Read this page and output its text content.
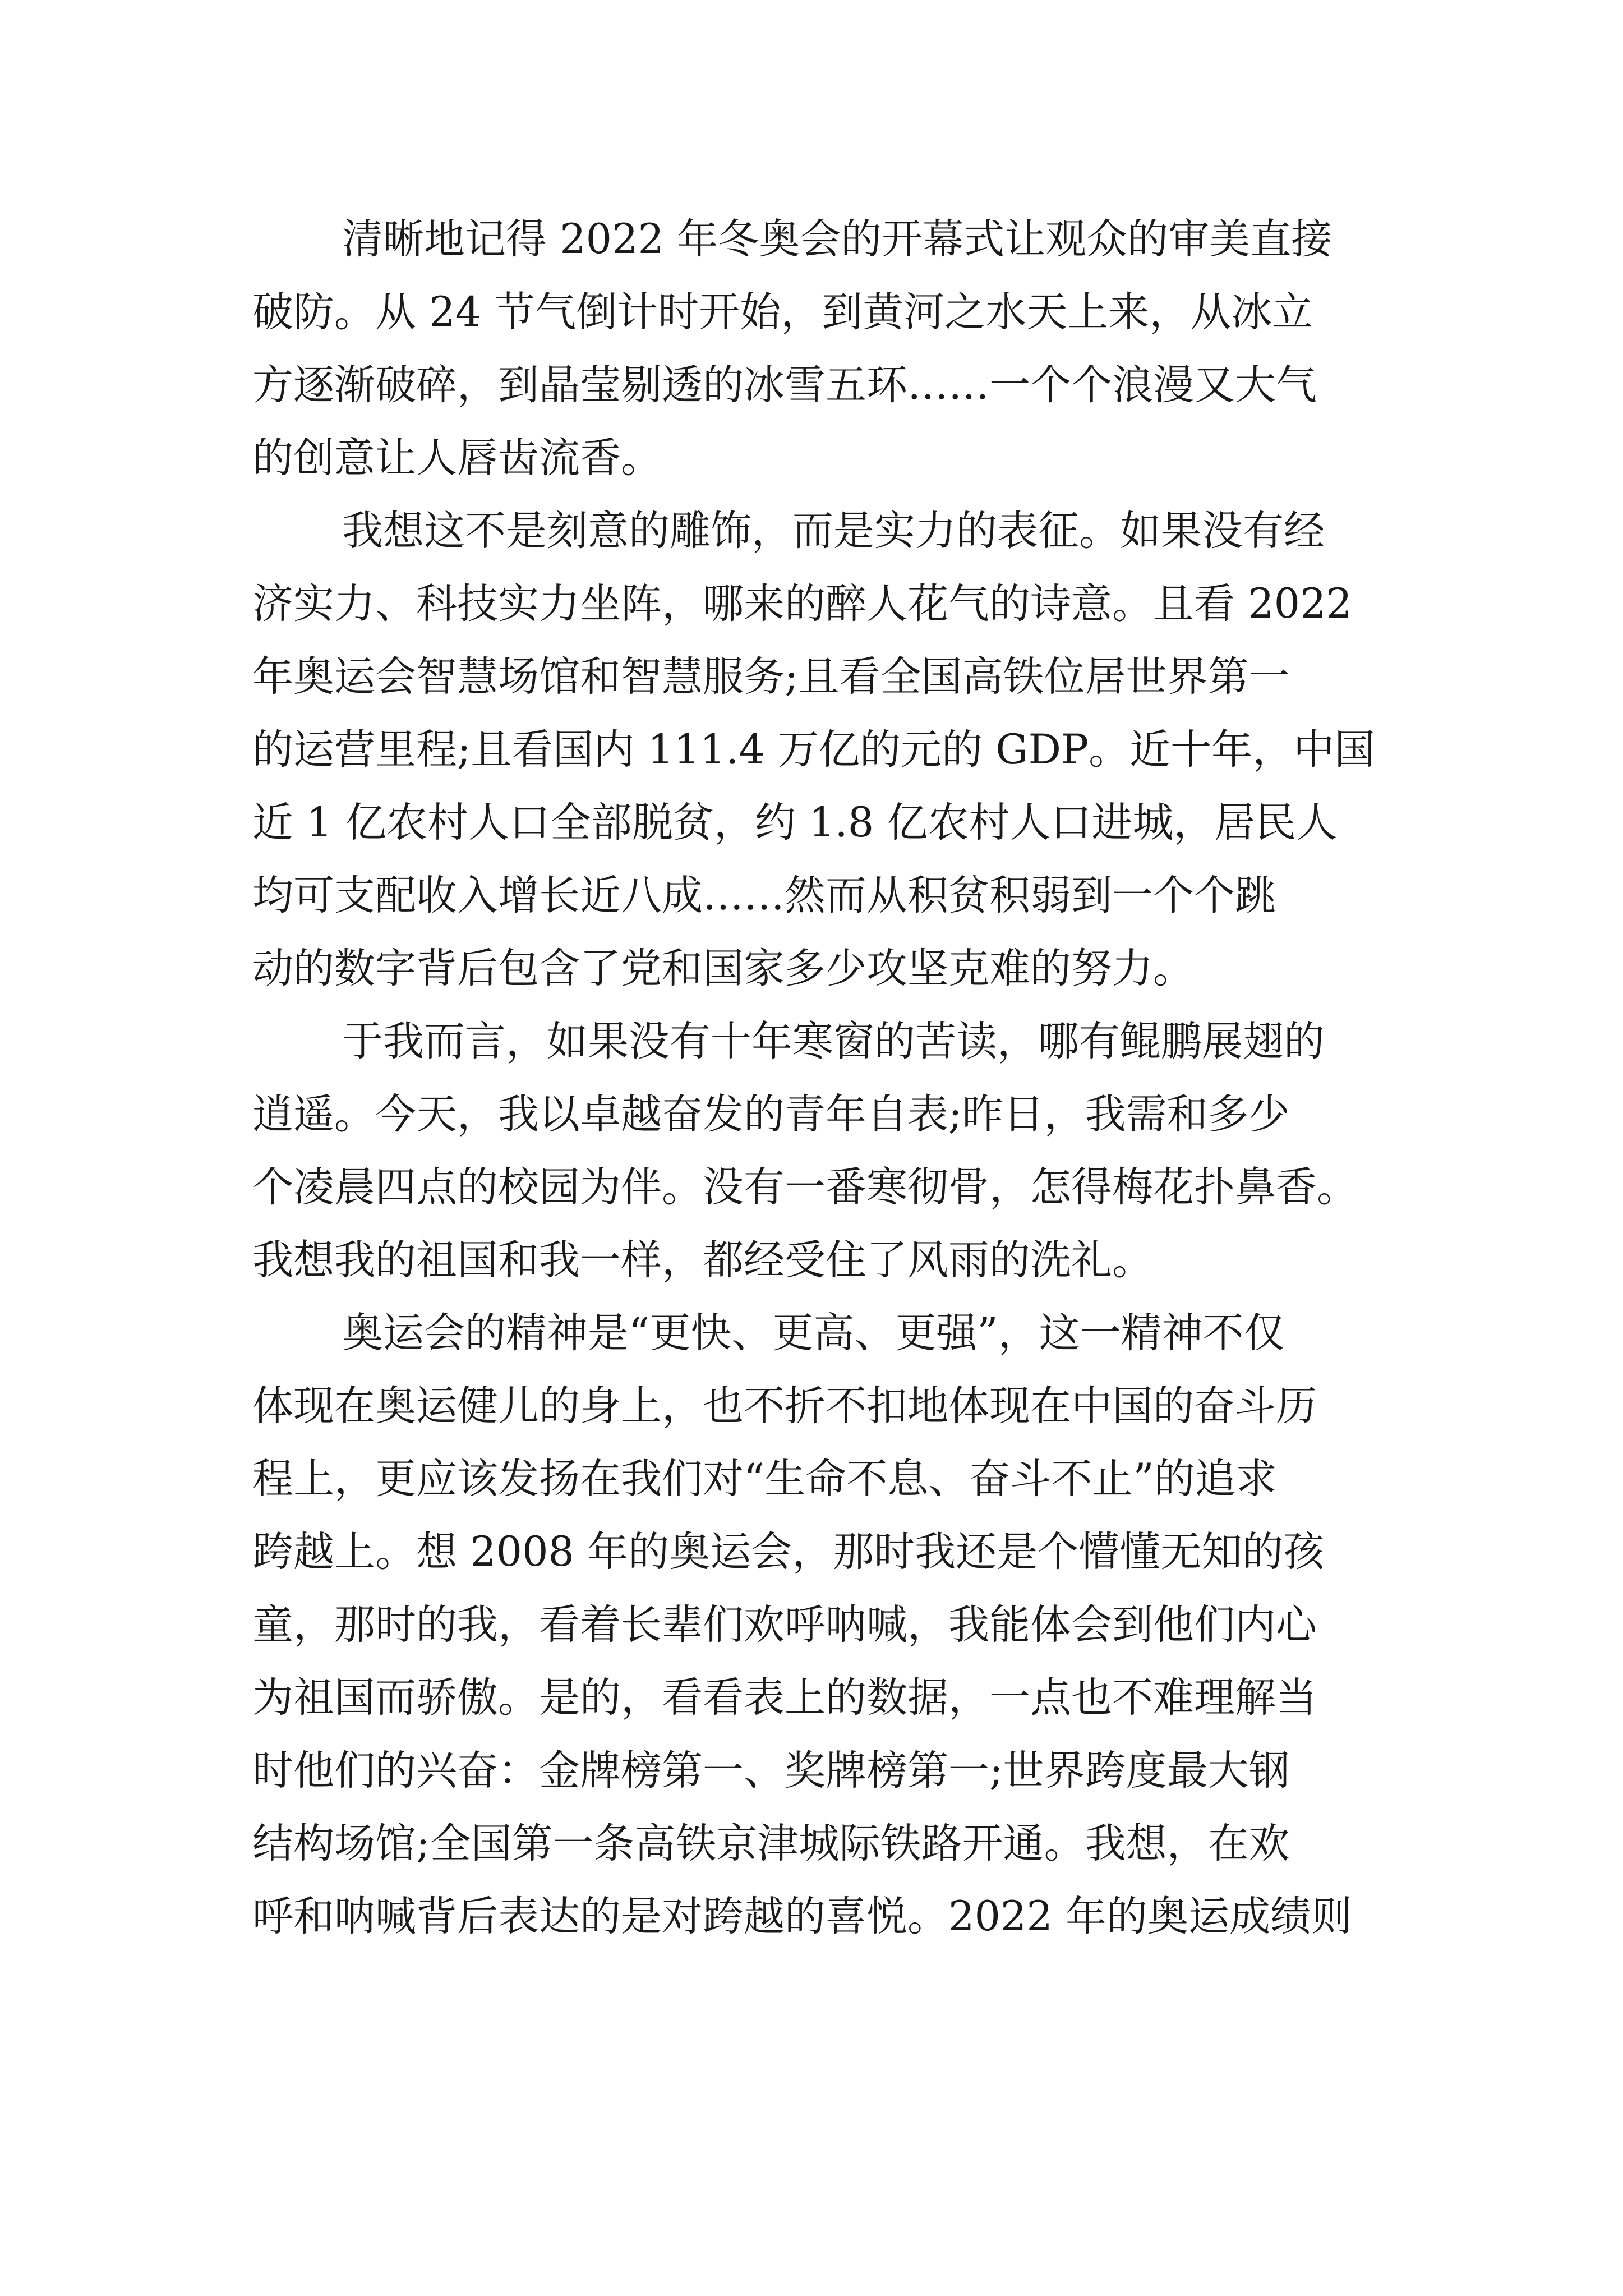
清晰地记得 2022 年冬奥会的开幕式让观众的审美直接
破防。从 24 节气倒计时开始，到黄河之水天上来，从冰立
方逐渐破碎，到晶莹剔透的冰雪五环……一个个浪漫又大气
的创意让人唇齿流香。
我想这不是刻意的雕饰，而是实力的表征。如果没有经
济实力、科技实力坐阵，哪来的醉人花气的诗意。且看 2022
年奥运会智慧场馆和智慧服务;且看全国高铁位居世界第一
的运营里程;且看国内 111.4 万亿的元的 GDP。近十年，中国
近 1 亿农村人口全部脱贫，约 1.8 亿农村人口进城，居民人
均可支配收入增长近八成……然而从积贫积弱到一个个跳
动的数字背后包含了党和国家多少攻坚克难的努力。
于我而言，如果没有十年寒窗的苦读，哪有鲲鹏展翅的
逍遥。今天，我以卓越奋发的青年自表;昨日，我需和多少
个凌晨四点的校园为伴。没有一番寒彻骨，怎得梅花扑鼻香。
我想我的祖国和我一样，都经受住了风雨的洗礼。
奥运会的精神是“更快、更高、更强”，这一精神不仅
体现在奥运健儿的身上，也不折不扣地体现在中国的奋斗历
程上，更应该发扬在我们对“生命不息、奋斗不止”的追求
跨越上。想 2008 年的奥运会，那时我还是个懵懂无知的孩
童，那时的我，看着长辈们欢呼呐喊，我能体会到他们内心
为祖国而骄傲。是的，看看表上的数据，一点也不难理解当
时他们的兴奋：金牌榜第一、奖牌榜第一;世界跨度最大钢
结构场馆;全国第一条高铁京津城际铁路开通。我想，在欢
呼和呐喊背后表达的是对跨越的喜悦。2022 年的奥运成绩则
